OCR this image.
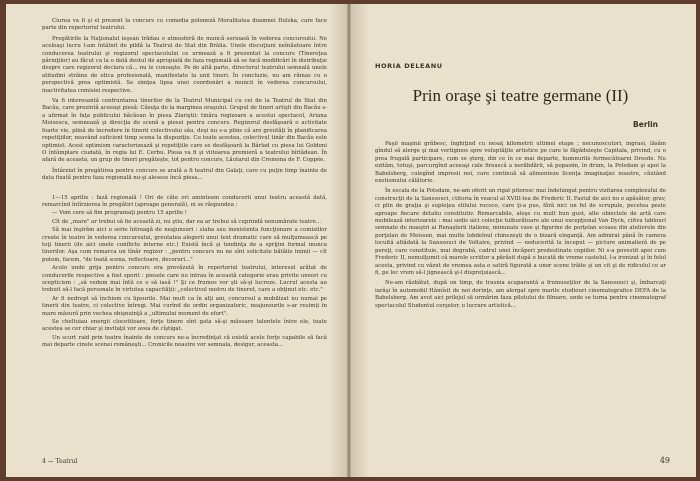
Ciurea va fi şi el prezent la concurs cu comedia poloneză Moralitatea doamnei Dulska, care face parte din repertoriul teatrului.

Pregătirile la Naţionalul ieşean trădau o atmosferă de muncă serioasă în vederea concursului. Ne aceleaşi lucru l-am întâlnit de pildă la Teatrul de Stat din Brăila. Unele discuţiuni neînăutoare între conducerea teatrului şi regizorul spectacolului ce urmează a fi prezentat la concurs (Tinereţea părinţilor) au făcut ca la o dată destul de apropiată de faza regională să se facă modificări în distribuţie despre care regizorul declara că... nu le cunoaşte. Pe de altă parte, directorul teatrului semnală unele atitudini străine de etica profesională, manifestate la unii tineri. În concluzie, nu am rămas cu o perspectivă prea optimistă. Se simţea lipsa unei coordonări a muncii în vederea concursului, inactivitatea comisiei respective.

Va fi interesantă confruntarea tinerilor de la Teatrul Municipal cu cei de la Teatrul de Stat din Bacău, care prezintă aceeaşi piesă: Căsuţa de la marginea oraşului. Grupul de tineri artişti din Bacău s-a afirmat în faţa publicului băcăoan în piesa Ziariştii: tinăra regizoare a acestui spectacol, Ariana Moisescu, semnează şi direcţia de scenă a piesei pentru concurs. Regizorul desfăşoară o activitate foarte vie, plină de încredere în tinerii colectivului său, deşi nu s-a plins că are greutăţi în planificarea repetiţiilor, neavând suficient timp scena la dispoziţie. Cu toate acestea, colectivul tinăr din Bacău este optimist. Acest optimism caracterizează şi repetiţiile care se desfăşoară la Bârlad cu piesa lui Goldoni O întâmplare ciudată, în regia lui E. Cerbu. Piesa va fi şi viitoarea premieră a teatrului bîrlădean. În afară de aceasta, un grup de tineri pregăteşte, tot pentru concurs, Lăutarul din Cremona de F. Coppée.

Întârziat în pregătirea pentru concurs se arată a fi teatrul din Galaţi, care cu puţin timp înainte de data fixată pentru faza regională nu-şi alesese încă piesa...

1—15 aprilie : fază regională ! Ori de câte ori aminteam conducerii unui teatru această dată, remarcînd întîrzierea în pregătiri (aproape generală), ni se răspundea :

— Vom cere să fim programaţi pentru 15 aprilie !

Cît de „mare" ar trebui să fie această zi, nu ştiu, dar ea ar trebui să cuprindă nenumărate teatre...

Să mai înşirăm aici o serie întreagă de neajunsuri : slaba sau inexistenta funcţionare a comisiilor create în teatre în vederea concursului, greutatea alegerii unui text dramatic care să mulţumească pe toţi tinerii (de aici unele conflicte interne etc.) Există încă şi tendinţa de a sprijini formal munca tinerilor. Aşa cum remarca un tînăr regizor : „pentru concurs nu ne sînt solicitate bătăile inimii — cît putem, facem, "de toată scena, reflectoare, decoruri..."

Acolo unde grija pentru concurs era prevăzută în repertoriul teatrului, interesul arătat de conducerile respective a fost sporit : piesele care nu intrau în această categorie erau privite uneori cu scepticism : „să vedem mai întîi ce o să iasă !" Şi ce frumos vor şti să-şi lucreze. Lucrul acesta au trebuit să-l facă personale în virtutea capacităţii: „colectivul nostru de tineret, care a obţinut etc. etc."

Ar fi nedrept să închiem cu lipsurile. Mai mult ca în alţi ani, concursul a mobilizat nu numai pe tinerii din teatre, ci colective întregi. Mai curînd de ordin organizatoric, neajunsurile s-ar resimţi în mare măsură prin vechea obişnuinţă a „ultimului moment de efort".

Se cheltuiau energii clocotitoare, forţe tinere sînt gata să-şi măsoare talentele între ele, toate acestea se cer chiar şi invitaţii vor avea de cîştigat.

Un scurt raid prin teatre înainte de concurs ne-a încredinţat că există acele forţe capabile să facă mai departe cinste scenei româneşti... Cronicile noastre vor semnala, desigur, aceasta...

4 — Teatrul
HORIA DELEANU
Prin oraşe şi teatre germane (II)
Berlin

Paşii maşinii grăbesc, înghiţind cu nesaţ kilometrii ultimei etape ; necunoscutori, ingrasi, lăsăm gîndul să alerge şi mai vertiginos spre voluptăţile artistice pe care le făgăduieşte Capitala, privind, cu o prea frugală participare, cum se şterg, din ce în ce mai departe, humnurile fermecătoarei Dresde. Nu ezităm, totuşi, parcurgînd aceeaşi cale firească a nerăbdării, să popasim, în drum, la Potsdam şi apoi la Babelsberg, culegînd impresii noi, care continuă să alimenteze licenţa imaginaţiei noastre, căutând exotismului călătorie.

În escala de la Potsdam, ne-am oferit un rigat pitoresc mai îndelungat pentru vizitarea complexului de construcţii de la Sanssouci, ctitoria în veacul al XVIII-lea de Frederic II. Fastul de aici nu e apăsător, grav, ci plin de graţia şi supleţea stilului rococo, care ţi-a pus, fără nici un fel de scrupule, pecetea peste aproape fiecare detaliu constitutiv. Remarcabile, aleşe cu mult bun gust, alte obiectele de artă care mobilează interioarele : mai sedis aici colecţie tulburătoare ale unui excepţional Van Dyck, ciitva tablouri semnate de maeştri ai Renaşterii italiene, minunate vase şi figurine de porţelan scoase din atelierele din porţelan de Meissen, mai multe lobdeloul chinezeşti de o bizară eleganţă. Am admirat până în camera locuită altădată la Sanssouci de Voltaire, privind — neducerită la început — picture animalieră de pe pereţi, care constituie, mai degrabă, cadrul unei încăperi predestinate copiilor. Ni s-a povestit apoi cum Frederic II, nemulţumit că marele scriitor a părăsit după o bucată de vreme castelul, l-a ironizat şi în felul acesta, privind cu văzut de vremea asta o satiră figurată a unor scene trăite şi un cit şi de ridicolul ce ar fi, pe loc vrem să-l jignească şi-l dispreţuiască...

Ne-am răzbătut, după un timp, de trasnia acaparantă a frumuseţilor de la Sanssouci şi, îmbarcaţi iarăşi în automobil Hămîsit de noi dorinţe, am alergat spre marile studiouri cinematografice DEFA de la Babelsberg. Am avut aici prilejul să urmărim faza pilotului de filmare, unde se turna pentru cinematograf spectacolul Studentul cerşetor, o lucrare artistică...

49
